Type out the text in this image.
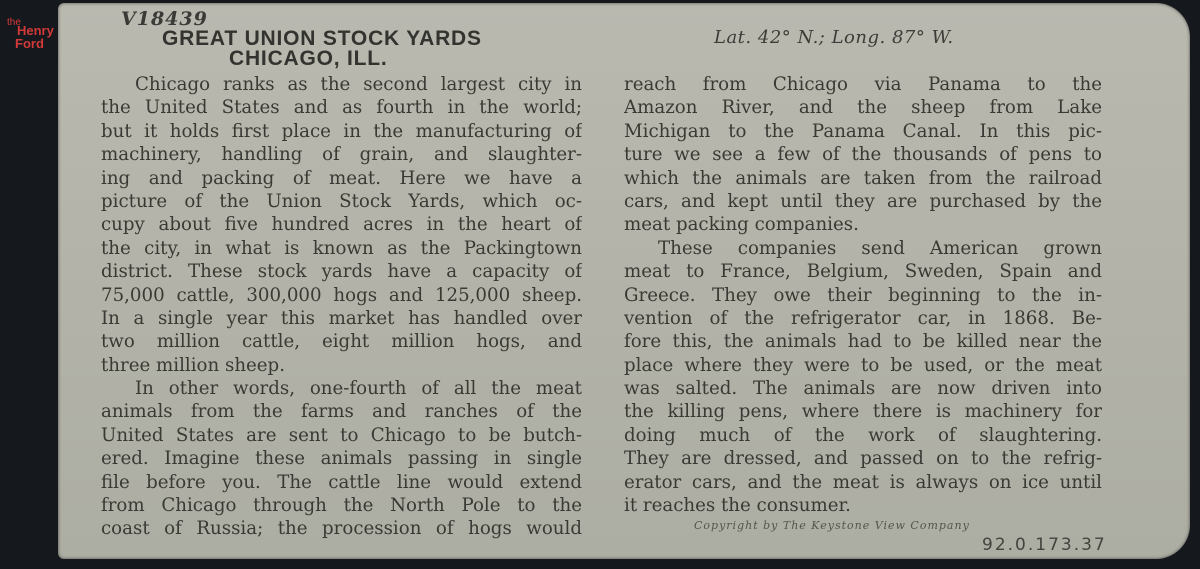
V18439
GREAT UNION STOCK YARDS
CHICAGO, ILL.
Lat. 42° N.; Long. 87° W.
Chicago ranks as the second largest city in
the United States and as fourth in the world;
but it holds first place in the manufacturing of
machinery, handling of grain, and slaughter-
ing and packing of meat. Here we have a
picture of the Union Stock Yards, which oc-
cupy about five hundred acres in the heart of
the city, in what is known as the Packingtown
district. These stock yards have a capacity of
75,000 cattle, 300,000 hogs and 125,000 sheep.
In a single year this market has handled over
two million cattle, eight million hogs, and
three million sheep.
In other words, one-fourth of all the meat
animals from the farms and ranches of the
United States are sent to Chicago to be butch-
ered. Imagine these animals passing in single
file before you. The cattle line would extend
from Chicago through the North Pole to the
coast of Russia; the procession of hogs would
reach from Chicago via Panama to the
Amazon River, and the sheep from Lake
Michigan to the Panama Canal. In this pic-
ture we see a few of the thousands of pens to
which the animals are taken from the railroad
cars, and kept until they are purchased by the
meat packing companies.
These companies send American grown
meat to France, Belgium, Sweden, Spain and
Greece. They owe their beginning to the in-
vention of the refrigerator car, in 1868. Be-
fore this, the animals had to be killed near the
place where they were to be used, or the meat
was salted. The animals are now driven into
the killing pens, where there is machinery for
doing much of the work of slaughtering.
They are dressed, and passed on to the refrig-
erator cars, and the meat is always on ice until
it reaches the consumer.
Copyright by The Keystone View Company
92.0.173.37
the
Henry
Ford
